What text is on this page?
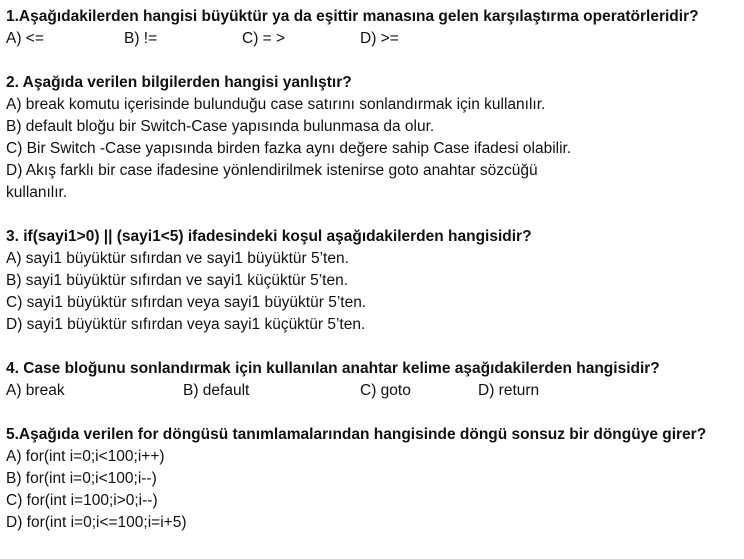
1.Aşağıdakilerden hangisi büyüktür ya da eşittir manasına gelen karşılaştırma operatörleridir?
A) <=	B) !=	C) = >	D) >=
2. Aşağıda verilen bilgilerden hangisi yanlıştır?
A) break komutu içerisinde bulunduğu case satırını sonlandırmak için kullanılır.
B) default bloğu bir Switch-Case yapısında bulunmasa da olur.
C) Bir Switch -Case yapısında birden fazka aynı değere sahip Case ifadesi olabilir.
D) Akış farklı bir case ifadesine yönlendirilmek istenirse goto anahtar sözcüğü
kullanılır.
3. if(sayi1>0) || (sayi1<5) ifadesindeki koşul aşağıdakilerden hangisidir?
A) sayi1 büyüktür sıfırdan ve sayi1 büyüktür 5’ten.
B) sayi1 büyüktür sıfırdan ve sayi1 küçüktür 5’ten.
C) sayi1 büyüktür sıfırdan veya sayi1 büyüktür 5’ten.
D) sayi1 büyüktür sıfırdan veya sayi1 küçüktür 5’ten.
4. Case bloğunu sonlandırmak için kullanılan anahtar kelime aşağıdakilerden hangisidir?
A) break	B) default	C) goto	D) return
5.Aşağıda verilen for döngüsü tanımlamalarından hangisinde döngü sonsuz bir döngüye girer?
A) for(int i=0;i<100;i++)
B) for(int i=0;i<100;i--)
C) for(int i=100;i>0;i--)
D) for(int i=0;i<=100;i=i+5)
